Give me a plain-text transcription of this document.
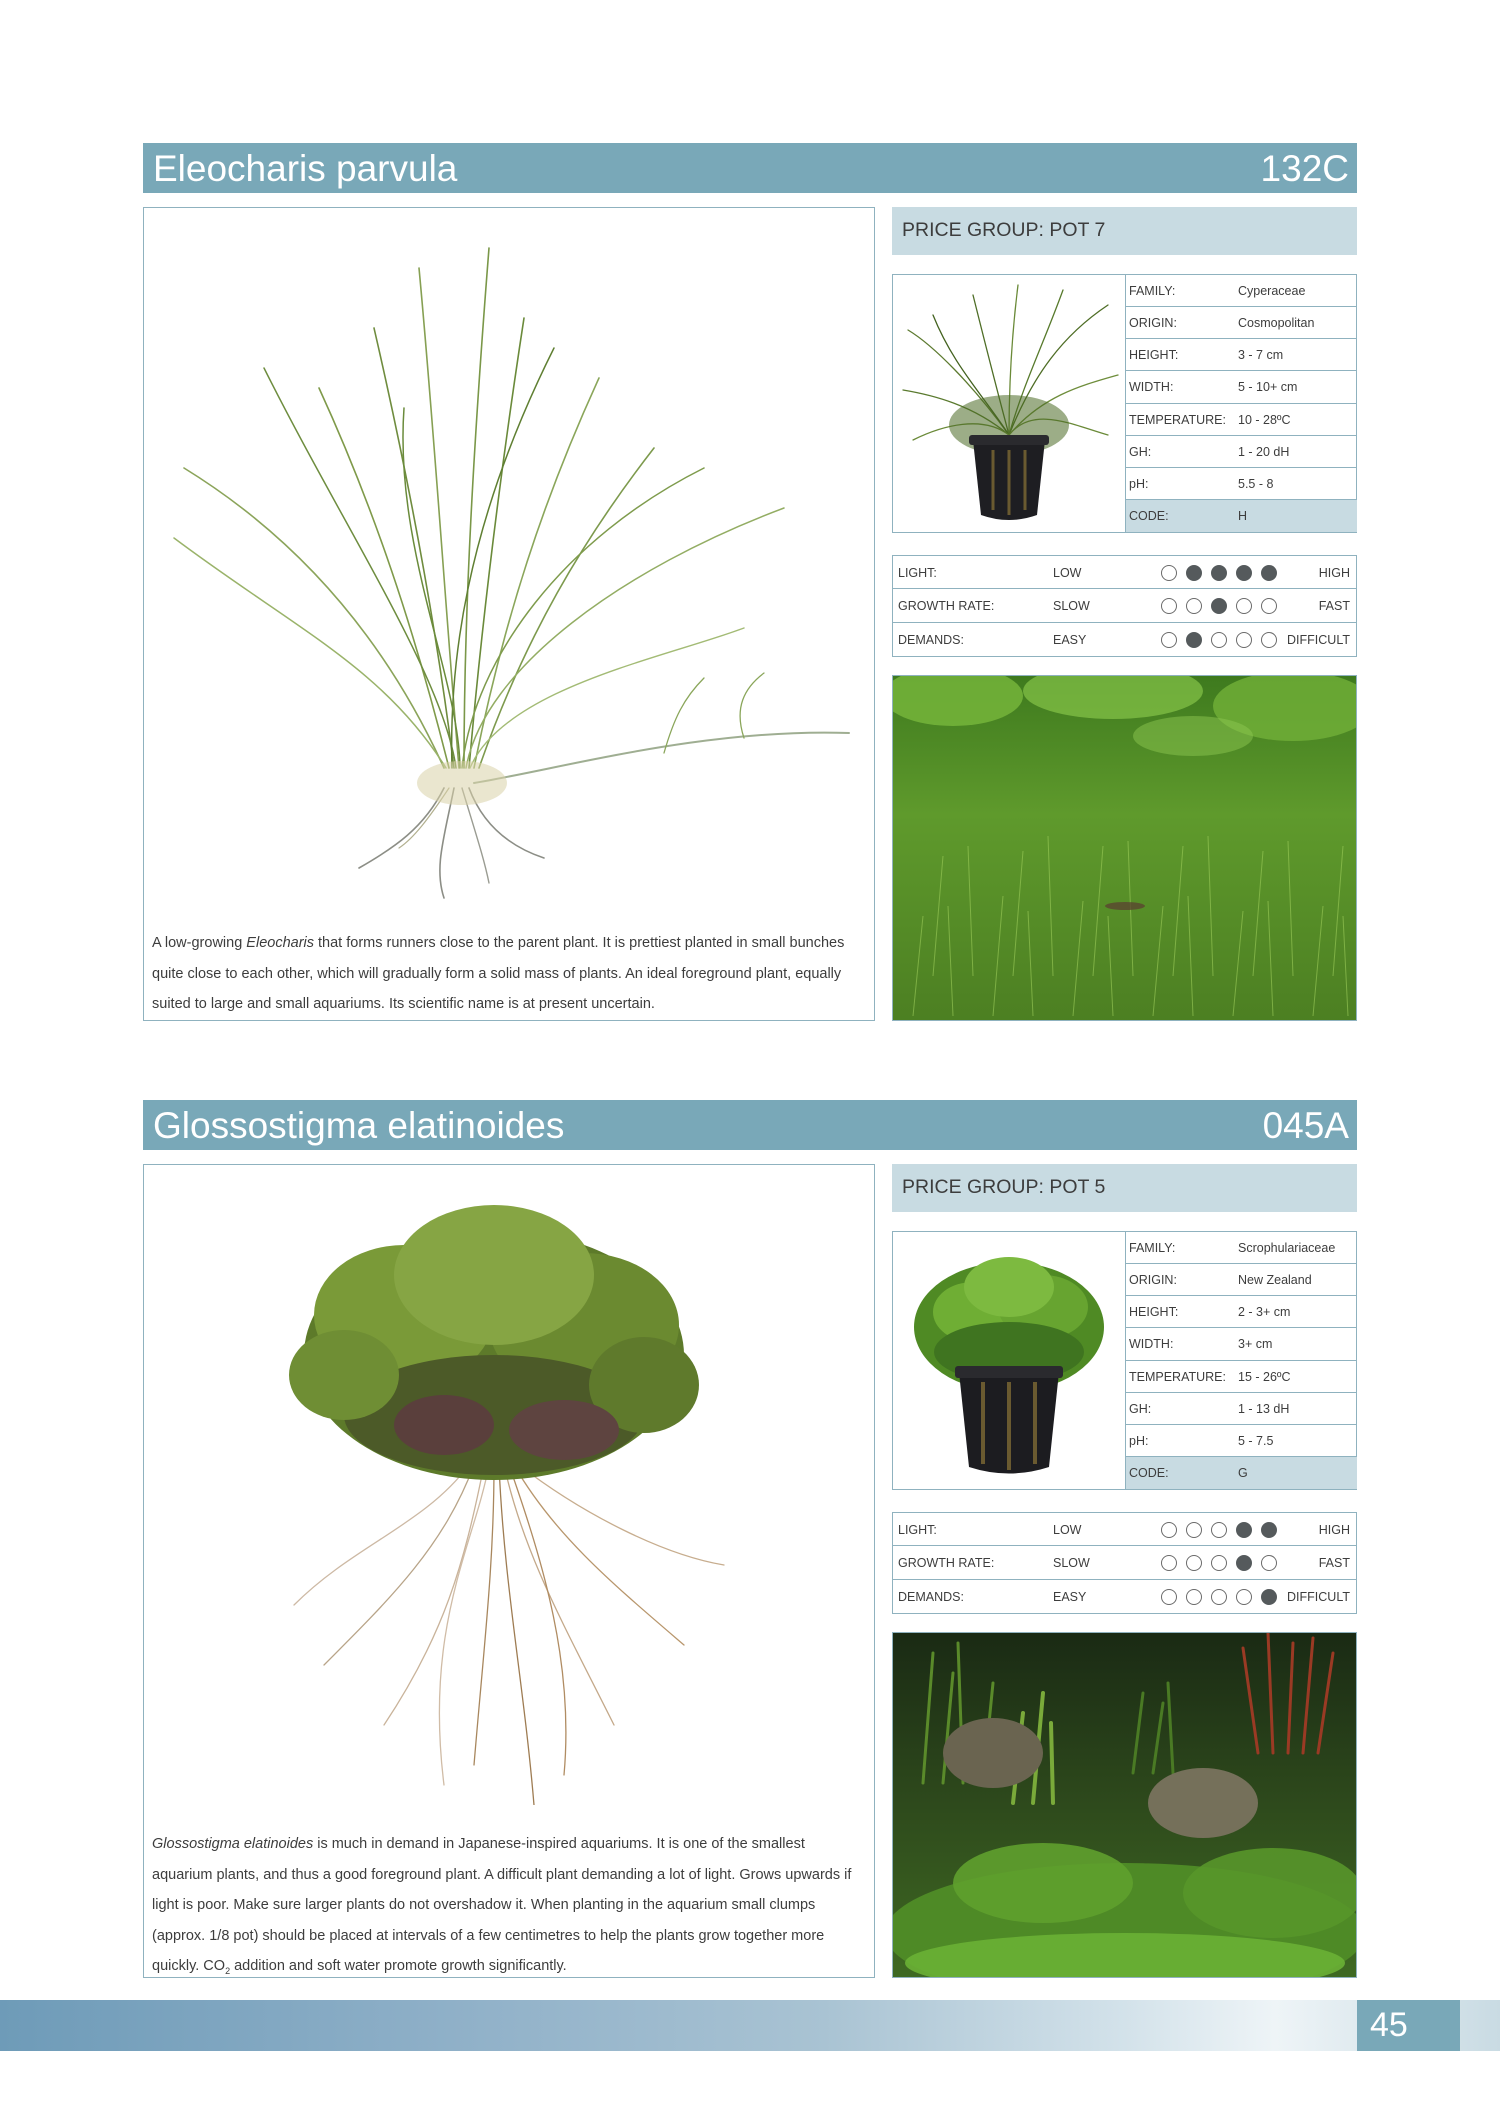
Eleocharis parvula	132C
A low-growing Eleocharis that forms runners close to the parent plant. It is prettiest planted in small bunches quite close to each other, which will gradually form a solid mass of plants. An ideal foreground plant, equally suited to large and small aquariums. Its scientific name is at present uncertain.
PRICE GROUP: POT 7
FAMILY:	Cyperaceae
ORIGIN:	Cosmopolitan
HEIGHT:	3 - 7 cm
WIDTH:	5 - 10+ cm
TEMPERATURE: 10 - 28ºC
GH:	1 - 20 dH
pH:	5.5 - 8
CODE:	H
LIGHT:	LOW	HIGH
GROWTH RATE:	SLOW	FAST
DEMANDS:	EASY	DIFFICULT
Glossostigma elatinoides	045A
Glossostigma elatinoides is much in demand in Japanese-inspired aquariums. It is one of the smallest aquarium plants, and thus a good foreground plant. A difficult plant demanding a lot of light. Grows upwards if light is poor. Make sure larger plants do not overshadow it. When planting in the aquarium small clumps (approx. 1/8 pot) should be placed at intervals of a few centimetres to help the plants grow together more quickly. $CO_2$ addition and soft water promote growth significantly.
PRICE GROUP: POT 5
FAMILY:	Scrophulariaceae
ORIGIN:	New Zealand
HEIGHT:	2 - 3+ cm
WIDTH:	3+ cm
TEMPERATURE: 15 - 26ºC
GH:	1 - 13 dH
pH:	5 - 7.5
CODE:	G
LIGHT:	LOW	HIGH
GROWTH RATE:	SLOW	FAST
DEMANDS:	EASY	DIFFICULT
45
